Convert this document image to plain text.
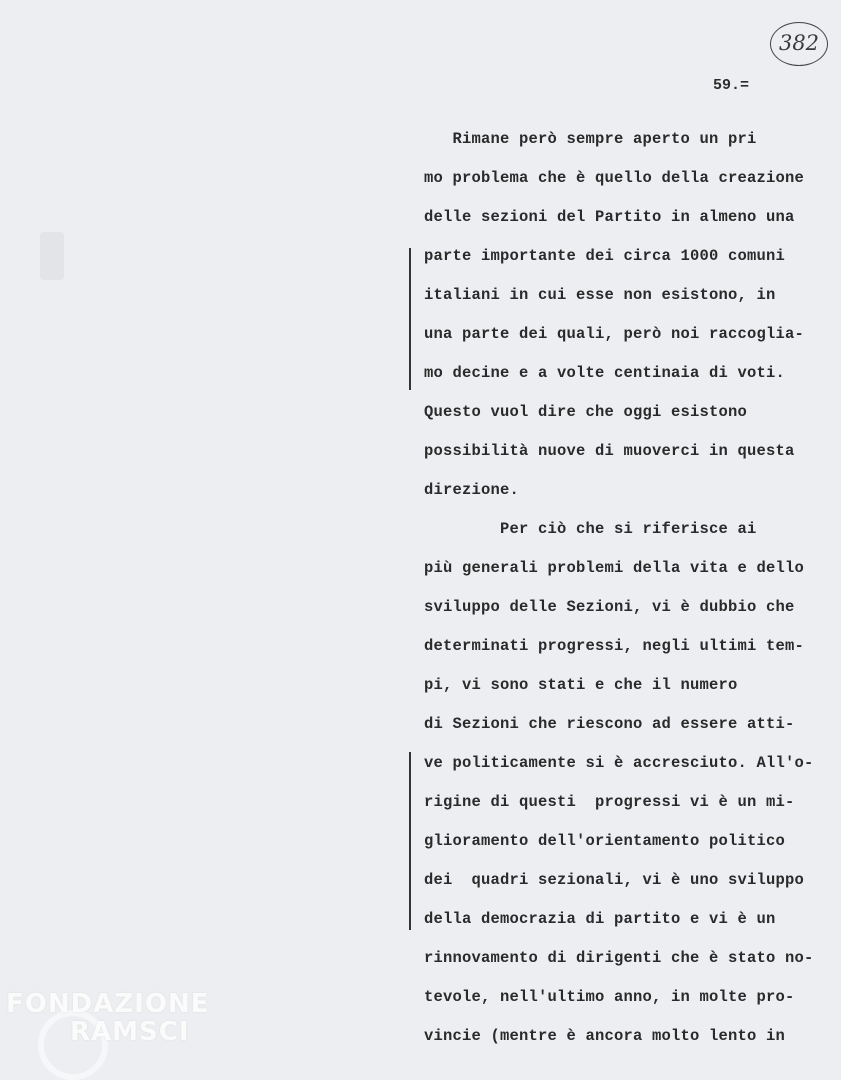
382
59.=
Rimane però sempre aperto un pri
mo problema che è quello della creazione
delle sezioni del Partito in almeno una
parte importante dei circa 1000 comuni
italiani in cui esse non esistono, in
una parte dei quali, però noi raccoglia-
mo decine e a volte centinaia di voti.
Questo vuol dire che oggi esistono
possibilità nuove di muoverci in questa
direzione.
Per ciò che si riferisce ai
più generali problemi della vita e dello
sviluppo delle Sezioni, vi è dubbio che
determinati progressi, negli ultimi tem-
pi, vi sono stati e che il numero
di Sezioni che riescono ad essere atti-
ve politicamente si è accresciuto. All'o-
rigine di questi  progressi vi è un mi-
glioramento dell'orientamento politico
dei  quadri sezionali, vi è uno sviluppo
della democrazia di partito e vi è un
rinnovamento di dirigenti che è stato no-
tevole, nell'ultimo anno, in molte pro-
vincie (mentre è ancora molto lento in
FONDAZIONE
RAMSCI
